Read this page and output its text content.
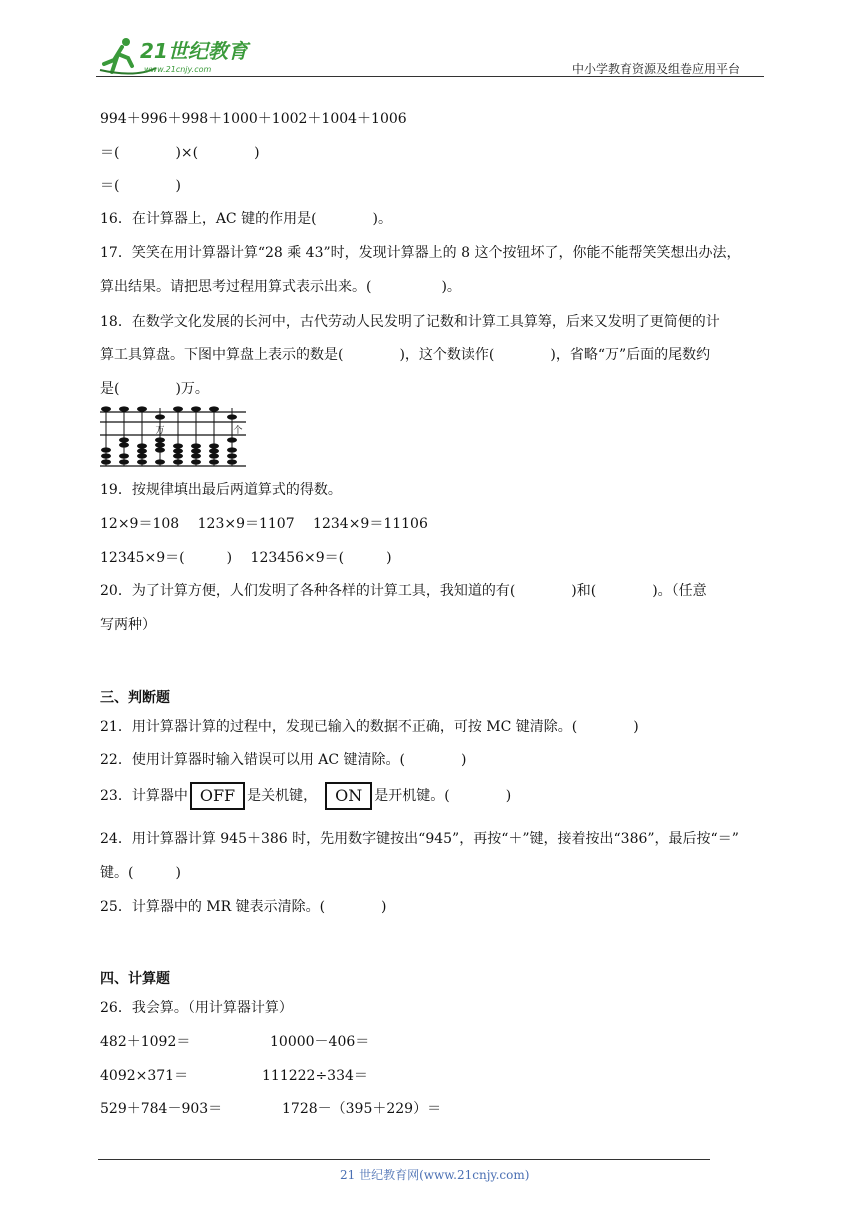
21世纪教育
www.21cnjy.com	中小学教育资源及组卷应用平台
994＋996＋998＋1000＋1002＋1004＋1006
＝(　　　　)×(　　　　)
＝(　　　　)
16．在计算器上，AC 键的作用是(　　　　)。
17．笑笑在用计算器计算“28 乘 43”时，发现计算器上的 8 这个按钮坏了，你能不能帮笑笑想出办法，
算出结果。请把思考过程用算式表示出来。(　　　　　)。
18．在数学文化发展的长河中，古代劳动人民发明了记数和计算工具算筹，后来又发明了更简便的计
算工具算盘。下图中算盘上表示的数是(　　　　)，这个数读作(　　　　)，省略“万”后面的尾数约
是(　　　　)万。
万	个
19．按规律填出最后两道算式的得数。
12×9＝108　 123×9＝1107　 1234×9＝11106
12345×9＝(　　　)　 123456×9＝(　　　)
20．为了计算方便，人们发明了各种各样的计算工具，我知道的有(　　　　)和(　　　　)。（任意
写两种）
三、判断题
21．用计算器计算的过程中，发现已输入的数据不正确，可按 MC 键清除。(　　　　)
22．使用计算器时输入错误可以用 AC 键清除。(　　　　)
23．计算器中 OFF 是关机键， ON 是开机键。(　　　　)
24．用计算器计算 945＋386 时，先用数字键按出“945”，再按“＋”键，接着按出“386”，最后按“＝”
键。(　　　)
25．计算器中的 MR 键表示清除。(　　　　)
四、计算题
26．我会算。（用计算器计算）
482＋1092＝	10000－406＝
4092×371＝	111222÷334＝
529＋784－903＝	1728－（395＋229）＝
21 世纪教育网(www.21cnjy.com)
